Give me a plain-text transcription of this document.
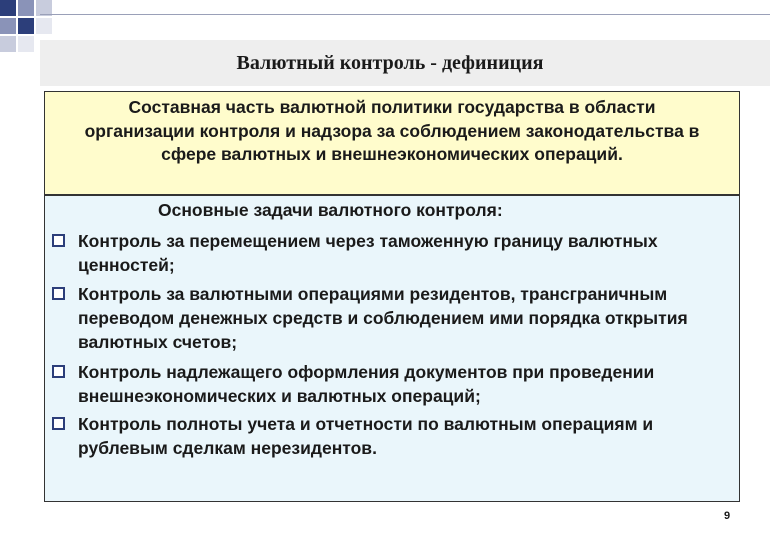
Валютный контроль - дефиниция
Составная часть валютной политики государства в области организации контроля и надзора за соблюдением законодательства в сфере валютных и внешнеэкономических операций.
Основные задачи валютного контроля:
Контроль за перемещением через таможенную границу валютных ценностей;
Контроль за валютными операциями резидентов, трансграничным переводом денежных средств и соблюдением ими порядка открытия валютных счетов;
Контроль надлежащего оформления документов при проведении внешнеэкономических и валютных операций;
Контроль полноты учета и отчетности по валютным операциям и рублевым сделкам нерезидентов.
9
